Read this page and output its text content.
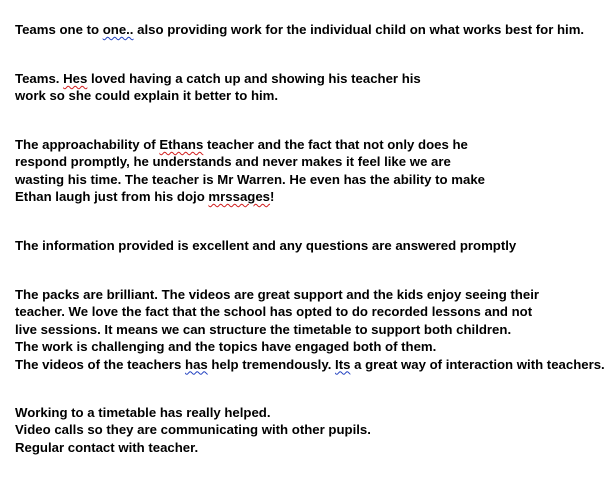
Teams one to one.. also providing work for the individual child on what works best for him.
Teams. Hes loved having a catch up and showing his teacher his
work so she could explain it better to him.
The approachability of Ethans teacher and the fact that not only does he
respond promptly, he understands and never makes it feel like we are
wasting his time. The teacher is Mr Warren. He even has the ability to make
Ethan laugh just from his dojo mrssages!
The information provided is excellent and any questions are answered promptly
The packs are brilliant. The videos are great support and the kids enjoy seeing their
teacher. We love the fact that the school has opted to do recorded lessons and not
live sessions. It means we can structure the timetable to support both children.
The work is challenging and the topics have engaged both of them.
The videos of the teachers has help tremendously. Its a great way of interaction with teachers.
Working to a timetable has really helped.
Video calls so they are communicating with other pupils.
Regular contact with teacher.
